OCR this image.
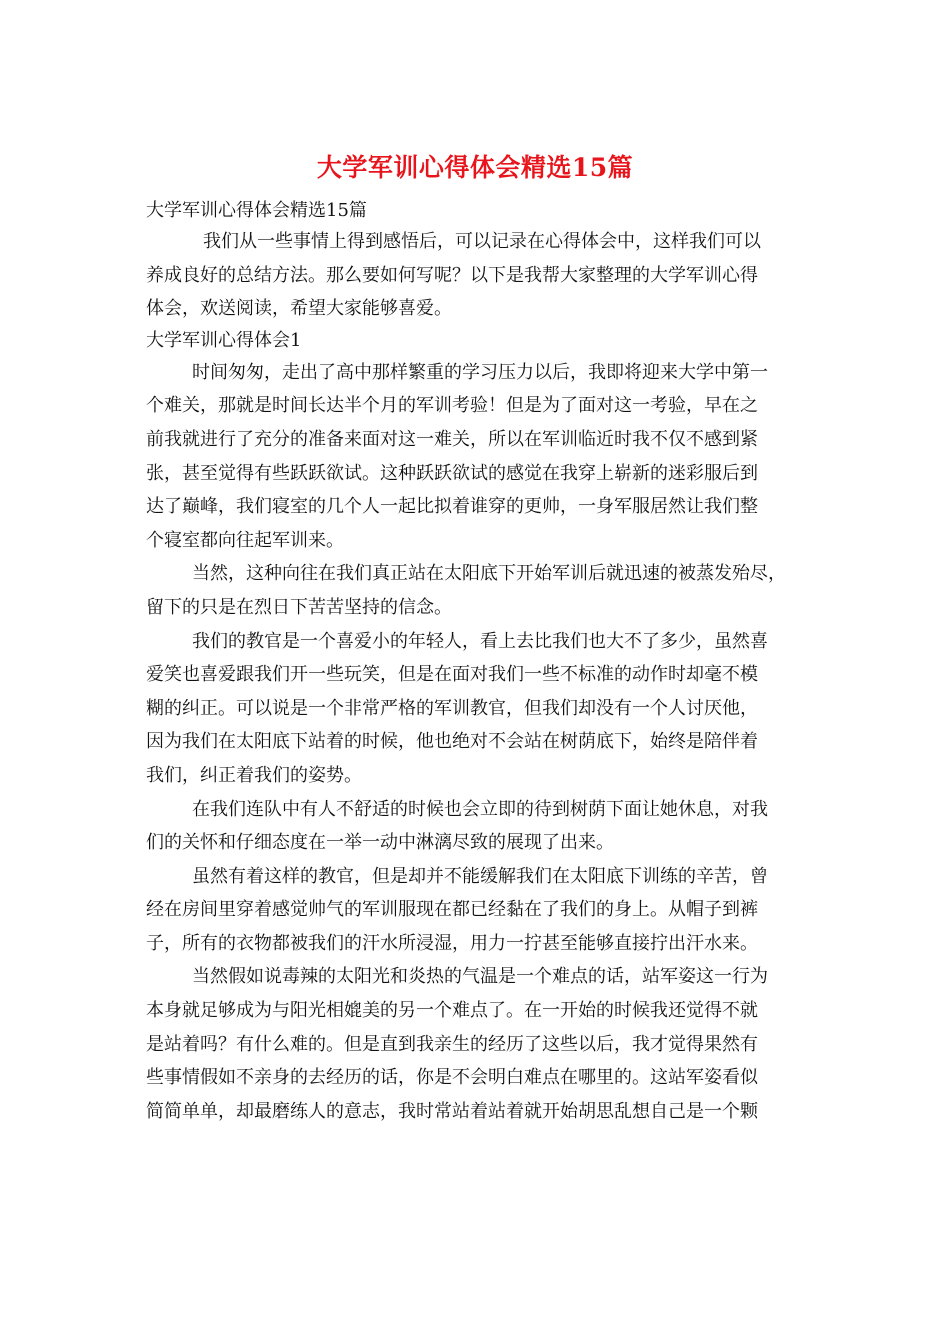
大学军训心得体会精选15篇
大学军训心得体会精选15篇
我们从一些事情上得到感悟后，可以记录在心得体会中，这样我们可以
养成良好的总结方法。那么要如何写呢？以下是我帮大家整理的大学军训心得
体会，欢送阅读，希望大家能够喜爱。
大学军训心得体会1
时间匆匆，走出了高中那样繁重的学习压力以后，我即将迎来大学中第一
个难关，那就是时间长达半个月的军训考验！但是为了面对这一考验，早在之
前我就进行了充分的准备来面对这一难关，所以在军训临近时我不仅不感到紧
张，甚至觉得有些跃跃欲试。这种跃跃欲试的感觉在我穿上崭新的迷彩服后到
达了巅峰，我们寝室的几个人一起比拟着谁穿的更帅，一身军服居然让我们整
个寝室都向往起军训来。
当然，这种向往在我们真正站在太阳底下开始军训后就迅速的被蒸发殆尽，
留下的只是在烈日下苦苦坚持的信念。
我们的教官是一个喜爱小的年轻人，看上去比我们也大不了多少，虽然喜
爱笑也喜爱跟我们开一些玩笑，但是在面对我们一些不标准的动作时却毫不模
糊的纠正。可以说是一个非常严格的军训教官，但我们却没有一个人讨厌他，
因为我们在太阳底下站着的时候，他也绝对不会站在树荫底下，始终是陪伴着
我们，纠正着我们的姿势。
在我们连队中有人不舒适的时候也会立即的待到树荫下面让她休息，对我
们的关怀和仔细态度在一举一动中淋漓尽致的展现了出来。
虽然有着这样的教官，但是却并不能缓解我们在太阳底下训练的辛苦，曾
经在房间里穿着感觉帅气的军训服现在都已经黏在了我们的身上。从帽子到裤
子，所有的衣物都被我们的汗水所浸湿，用力一拧甚至能够直接拧出汗水来。
当然假如说毒辣的太阳光和炎热的气温是一个难点的话，站军姿这一行为
本身就足够成为与阳光相媲美的另一个难点了。在一开始的时候我还觉得不就
是站着吗？有什么难的。但是直到我亲生的经历了这些以后，我才觉得果然有
些事情假如不亲身的去经历的话，你是不会明白难点在哪里的。这站军姿看似
简简单单，却最磨练人的意志，我时常站着站着就开始胡思乱想自己是一个颗
